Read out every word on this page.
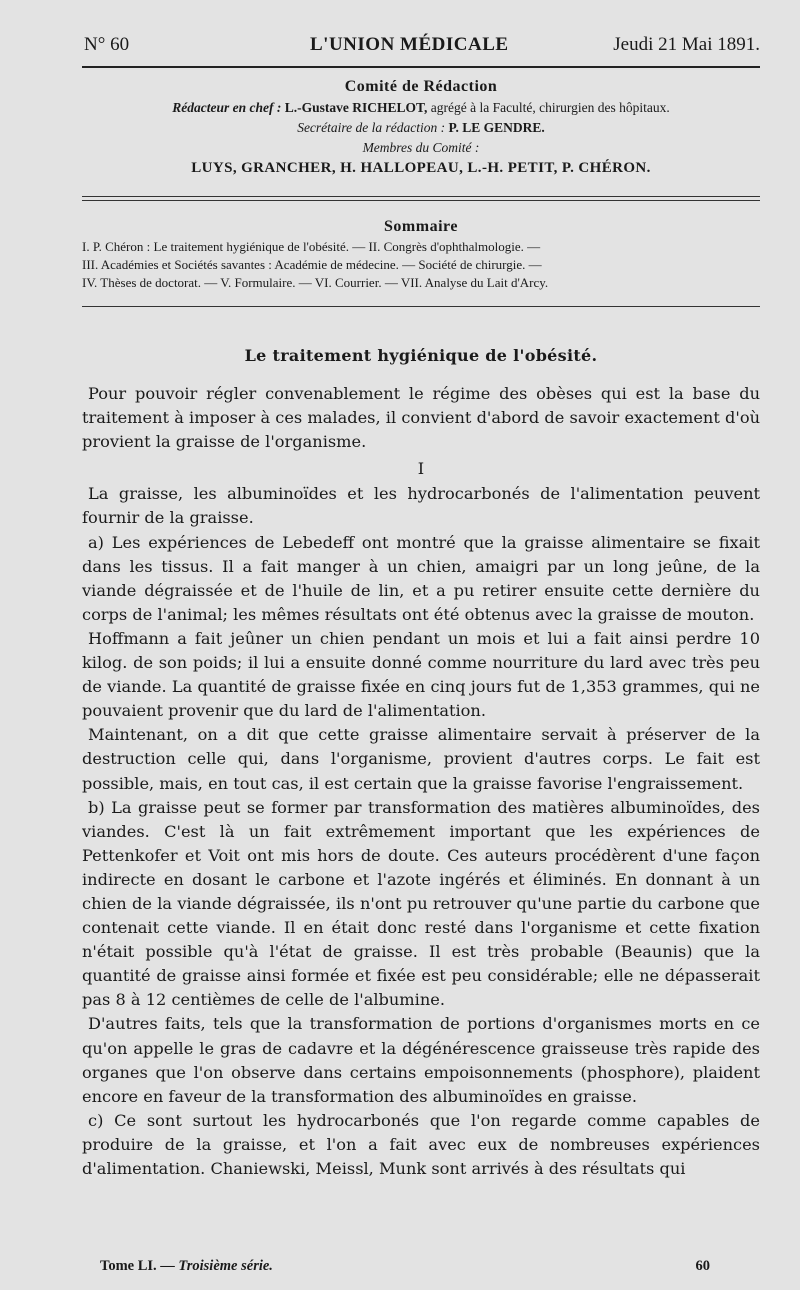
N° 60	L'UNION MÉDICALE	Jeudi 21 Mai 1891.
Comité de Rédaction
Rédacteur en chef : L.-Gustave RICHELOT, agrégé à la Faculté, chirurgien des hôpitaux.
Secrétaire de la rédaction : P. LE GENDRE.
Membres du Comité :
LUYS, GRANCHER, H. HALLOPEAU, L.-H. PETIT, P. CHÉRON.
Sommaire

I. P. Chéron : Le traitement hygiénique de l'obésité. — II. Congrès d'ophthalmologie. —

III. Académies et Sociétés savantes : Académie de médecine. — Société de chirurgie. —

IV. Thèses de doctorat. — V. Formulaire. — VI. Courrier. — VII. Analyse du Lait d'Arcy.

Le traitement hygiénique de l'obésité.

Pour pouvoir régler convenablement le régime des obèses qui est la base du traitement à imposer à ces malades, il convient d'abord de savoir exactement d'où provient la graisse de l'organisme.

I

La graisse, les albuminoïdes et les hydrocarbonés de l'alimentation peuvent fournir de la graisse.

a) Les expériences de Lebedeff ont montré que la graisse alimentaire se fixait dans les tissus. Il a fait manger à un chien, amaigri par un long jeûne, de la viande dégraissée et de l'huile de lin, et a pu retirer ensuite cette dernière du corps de l'animal; les mêmes résultats ont été obtenus avec la graisse de mouton.

Hoffmann a fait jeûner un chien pendant un mois et lui a fait ainsi perdre 10 kilog. de son poids; il lui a ensuite donné comme nourriture du lard avec très peu de viande. La quantité de graisse fixée en cinq jours fut de 1,353 grammes, qui ne pouvaient provenir que du lard de l'alimentation.

Maintenant, on a dit que cette graisse alimentaire servait à préserver de la destruction celle qui, dans l'organisme, provient d'autres corps. Le fait est possible, mais, en tout cas, il est certain que la graisse favorise l'engraissement.

b) La graisse peut se former par transformation des matières albuminoïdes, des viandes. C'est là un fait extrêmement important que les expériences de Pettenkofer et Voit ont mis hors de doute. Ces auteurs procédèrent d'une façon indirecte en dosant le carbone et l'azote ingérés et éliminés. En donnant à un chien de la viande dégraissée, ils n'ont pu retrouver qu'une partie du carbone que contenait cette viande. Il en était donc resté dans l'organisme et cette fixation n'était possible qu'à l'état de graisse. Il est très probable (Beaunis) que la quantité de graisse ainsi formée et fixée est peu considérable; elle ne dépasserait pas 8 à 12 centièmes de celle de l'albumine.

D'autres faits, tels que la transformation de portions d'organismes morts en ce qu'on appelle le gras de cadavre et la dégénérescence graisseuse très rapide des organes que l'on observe dans certains empoisonnements (phosphore), plaident encore en faveur de la transformation des albuminoïdes en graisse.

c) Ce sont surtout les hydrocarbonés que l'on regarde comme capables de produire de la graisse, et l'on a fait avec eux de nombreuses expériences d'alimentation. Chaniewski, Meissl, Munk sont arrivés à des résultats qui

Tome LI. — Troisième série.	60
